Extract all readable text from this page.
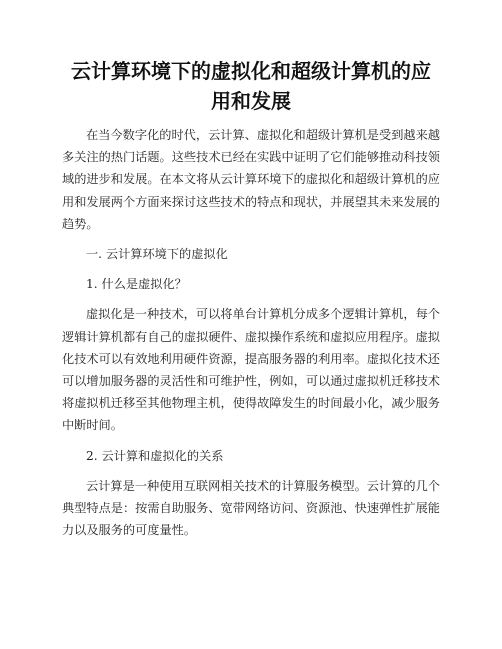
云计算环境下的虚拟化和超级计算机的应用和发展

在当今数字化的时代，云计算、虚拟化和超级计算机是受到越来越多关注的热门话题。这些技术已经在实践中证明了它们能够推动科技领域的进步和发展。在本文将从云计算环境下的虚拟化和超级计算机的应用和发展两个方面来探讨这些技术的特点和现状，并展望其未来发展的趋势。

一. 云计算环境下的虚拟化
1. 什么是虚拟化？

虚拟化是一种技术，可以将单台计算机分成多个逻辑计算机，每个逻辑计算机都有自己的虚拟硬件、虚拟操作系统和虚拟应用程序。虚拟化技术可以有效地利用硬件资源，提高服务器的利用率。虚拟化技术还可以增加服务器的灵活性和可维护性，例如，可以通过虚拟机迁移技术将虚拟机迁移至其他物理主机，使得故障发生的时间最小化，减少服务中断时间。

2. 云计算和虚拟化的关系

云计算是一种使用互联网相关技术的计算服务模型。云计算的几个典型特点是：按需自助服务、宽带网络访问、资源池、快速弹性扩展能力以及服务的可度量性。
